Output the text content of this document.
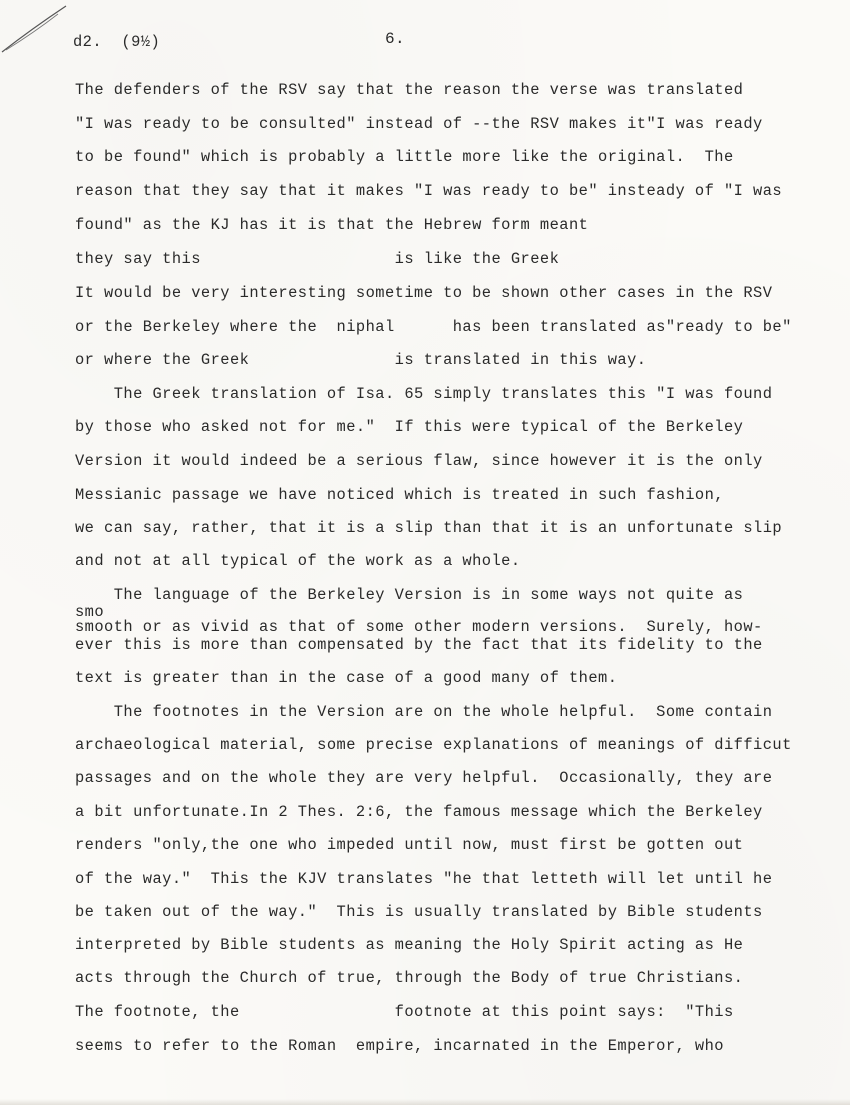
d2.  (9½)	6.
The defenders of the RSV say that the reason the verse was translated
"I was ready to be consulted" instead of --the RSV makes it"I was ready
to be found" which is probably a little more like the original.  The
reason that they say that it makes "I was ready to be" insteady of "I was
found" as the KJ has it is that the Hebrew form meant
they say this                    is like the Greek
It would be very interesting sometime to be shown other cases in the RSV
or the Berkeley where the  niphal      has been translated as"ready to be"
or where the Greek               is translated in this way.
The Greek translation of Isa. 65 simply translates this "I was found
by those who asked not for me."  If this were typical of the Berkeley
Version it would indeed be a serious flaw, since however it is the only
Messianic passage we have noticed which is treated in such fashion,
we can say, rather, that it is a slip than that it is an unfortunate slip
and not at all typical of the work as a whole.
The language of the Berkeley Version is in some ways not quite as
smo
smooth or as vivid as that of some other modern versions.  Surely, how-
ever this is more than compensated by the fact that its fidelity to the
text is greater than in the case of a good many of them.
The footnotes in the Version are on the whole helpful.  Some contain
archaeological material, some precise explanations of meanings of difficut
passages and on the whole they are very helpful.  Occasionally, they are
a bit unfortunate.In 2 Thes. 2:6, the famous message which the Berkeley
renders "only,the one who impeded until now, must first be gotten out
of the way."  This the KJV translates "he that letteth will let until he
be taken out of the way."  This is usually translated by Bible students
interpreted by Bible students as meaning the Holy Spirit acting as He
acts through the Church of true, through the Body of true Christians.
The footnote, the                footnote at this point says:  "This
seems to refer to the Roman  empire, incarnated in the Emperor, who
